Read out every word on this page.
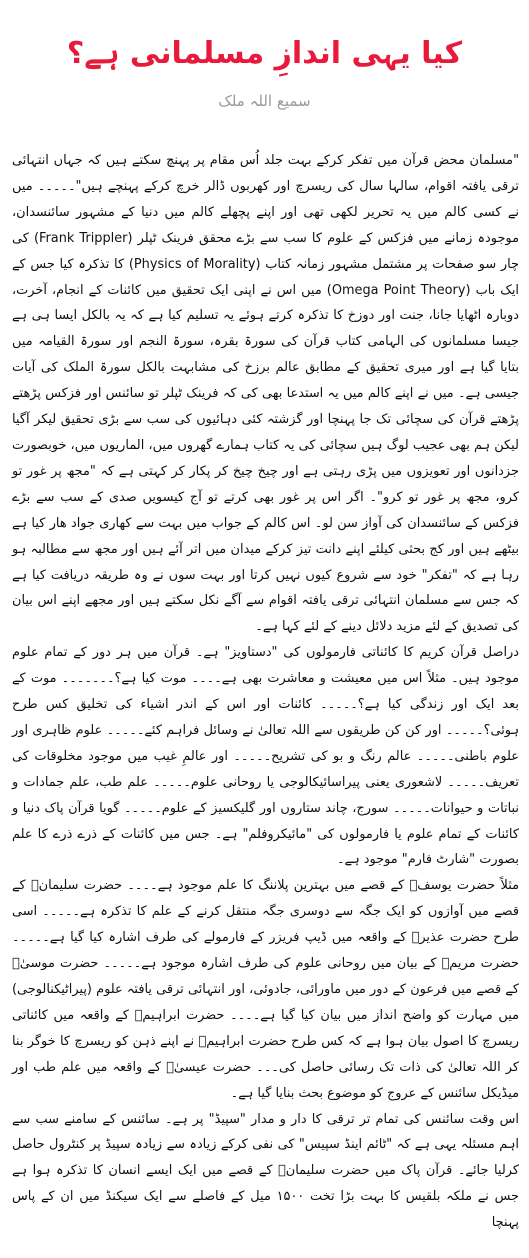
کیا یہی اندازِ مسلمانی ہے؟
سمیع اللہ ملک

"مسلمان محض قرآن میں تفکر کرکے بہت جلد اُس مقام پر پہنچ سکتے ہیں کہ جہاں انتہائی ترقی یافتہ اقوام، سالہا سال کی ریسرچ اور کھربوں ڈالر خرچ کرکے پہنچے ہیں"۔۔۔۔۔ میں نے کسی کالم میں یہ تحریر لکھی تھی اور اپنے پچھلے کالم میں دنیا کے مشہور سائنسدان، موجودہ زمانے میں فزکس کے علوم کا سب سے بڑے محقق فرینک ٹپلر (Frank Trippler) کی چار سو صفحات پر مشتمل مشہور زمانہ کتاب (Physics of Morality) کا تذکرہ کیا جس کے ایک باب (Omega Point Theory) میں اس نے اپنی ایک تحقیق میں کائنات کے انجام، آخرت، دوبارہ اٹھایا جانا، جنت اور دوزخ کا تذکرہ کرتے ہوئے یہ تسلیم کیا ہے کہ یہ بالکل ایسا ہی ہے جیسا مسلمانوں کی الہامی کتاب قرآن کی سورۃ بقرہ، سورۃ النجم اور سورۃ القیامہ میں بتایا گیا ہے اور میری تحقیق کے مطابق عالم برزخ کی مشابہت بالکل سورۃ الملک کی آیات جیسی ہے۔ میں نے اپنے کالم میں یہ استدعا بھی کی کہ فرینک ٹپلر تو سائنس اور فزکس پڑھتے پڑھتے قرآن کی سچائی تک جا پہنچا اور گزشتہ کئی دہائیوں کی سب سے بڑی تحقیق لیکر آگیا لیکن ہم بھی عجیب لوگ ہیں سچائی کی یہ کتاب ہمارے گھروں میں، الماریوں میں، خوبصورت جزدانوں اور تعویزوں میں پڑی رہتی ہے اور چیخ چیخ کر پکار کر کہتی ہے کہ "مجھ پر غور تو کرو، مجھ پر غور تو کرو"۔ اگر اس پر غور بھی کرتے تو آج کیسویں صدی کے سب سے بڑے فزکس کے سائنسدان کی آواز سن لو۔ اس کالم کے جواب میں بہت سے کھاری جواد ھار کیا ہے بیٹھے ہیں اور کج بحثی کیلئے اپنے دانت تیز کرکے میدان میں اتر آئے ہیں اور مجھ سے مطالبہ ہو رہا ہے کہ "تفکر" خود سے شروع کیوں نہیں کرتا اور بہت سوں نے وہ طریقہ دریافت کیا ہے کہ جس سے مسلمان انتہائی ترقی یافتہ اقوام سے آگے نکل سکتے ہیں اور مجھے اپنے اس بیان کی تصدیق کے لئے مزید دلائل دینے کے لئے کہا ہے۔

دراصل قرآن کریم کا کائناتی فارمولوں کی "دستاویز" ہے۔ قرآن میں ہر دور کے تمام علوم موجود ہیں۔ مثلاً اس میں معیشت و معاشرت بھی ہے۔۔۔۔ موت کیا ہے؟۔۔۔۔۔۔۔ موت کے بعد ایک اور زندگی کیا ہے؟۔۔۔۔۔ کائنات اور اس کے اندر اشیاء کی تخلیق کس طرح ہوئی؟۔۔۔۔۔ اور کن کن طریقوں سے اللہ تعالیٰ نے وسائل فراہم کئے۔۔۔۔۔ علوم ظاہری اور علوم باطنی۔۔۔۔۔ عالم رنگ و بو کی تشریح۔۔۔۔۔ اور عالمِ غیب میں موجود مخلوقات کی تعریف۔۔۔۔۔ لاشعوری یعنی پیراسائیکالوجی یا روحانی علوم۔۔۔۔۔ علم طب، علم جمادات و نباتات و حیوانات۔۔۔۔۔ سورج، چاند ستاروں اور گلیکسیز کے علوم۔۔۔۔۔ گویا قرآن پاک دنیا و کائنات کے تمام علوم یا فارمولوں کی "مائیکروفلم" ہے۔ جس میں کائنات کے ذرے ذرے کا علم بصورت "شارٹ فارم" موجود ہے۔

مثلاً حضرت یوسفؑ کے قصے میں بہترین پلاننگ کا علم موجود ہے۔۔۔۔ حضرت سلیمانؑ کے قصے میں آوازوں کو ایک جگہ سے دوسری جگہ منتقل کرنے کے علم کا تذکرہ ہے۔۔۔۔۔ اسی طرح حضرت عذیرؑ کے واقعہ میں ڈیپ فریزر کے فارمولے کی طرف اشارہ کیا گیا ہے۔۔۔۔۔ حضرت مریمؑ کے بیان میں روحانی علوم کی طرف اشارہ موجود ہے۔۔۔۔۔ حضرت موسیٰؑ کے قصے میں فرعون کے دور میں ماورائی، جادوئی، اور انتہائی ترقی یافتہ علوم (پیراٹیکنالوجی) میں مہارت کو واضح انداز میں بیان کیا گیا ہے۔۔۔۔ حضرت ابراہیمؑ کے واقعہ میں کائناتی ریسرچ کا اصول بیان ہوا ہے کہ کس طرح حضرت ابراہیمؑ نے اپنے ذہن کو ریسرچ کا خوگر بنا کر اللہ تعالیٰ کی ذات تک رسائی حاصل کی۔۔۔ حضرت عیسیٰؑ کے واقعہ میں علم طب اور میڈیکل سائنس کے عروج کو موضوع بحث بنایا گیا ہے۔

اس وقت سائنس کی تمام تر ترقی کا دار و مدار "سپیڈ" پر ہے۔ سائنس کے سامنے سب سے اہم مسئلہ یہی ہے کہ "ٹائم اینڈ سپیس" کی نفی کرکے زیادہ سے زیادہ سپیڈ پر کنٹرول حاصل کرلیا جائے۔ قرآن پاک میں حضرت سلیمانؑ کے قصے میں ایک ایسے انسان کا تذکرہ ہوا ہے جس نے ملکہ بلقیس کا بہت بڑا تخت ۱۵۰۰ میل کے فاصلے سے ایک سیکنڈ میں ان کے پاس پہنچا
